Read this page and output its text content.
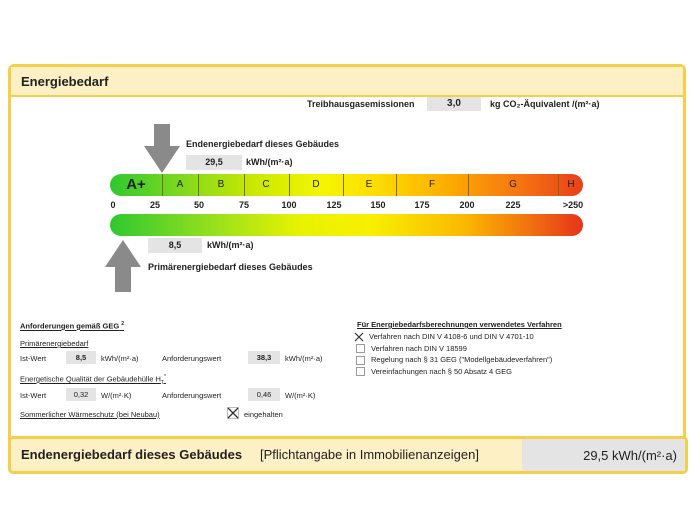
Energiebedarf
Treibhausgasemissionen	3,0	kg CO₂-Äquivalent /(m²·a)
Endenergiebedarf dieses Gebäudes
29,5	kWh/(m²·a)
A+	A	B	C	D	E	F	G	H
0	25	50	75	100	125	150	175	200	225	>250
8,5	kWh/(m²·a)
Primärenergiebedarf dieses Gebäudes
Anforderungen gemäß GEG $^2$
Primärenergiebedarf
Ist-Wert	8,5	kWh/(m²·a)	Anforderungswert	38,3	kWh/(m²·a)
Energetische Qualität der Gebäudehülle $H_T^*$
Ist-Wert	0,32	W/(m²·K)	Anforderungswert	0,46	W/(m²·K)
Sommerlicher Wärmeschutz (bei Neubau)	eingehalten
Für Energiebedarfsberechnungen verwendetes Verfahren
Verfahren nach DIN V 4108-6 und DIN V 4701-10
Verfahren nach DIN V 18599
Regelung nach § 31 GEG ("Modellgebäudeverfahren")
Vereinfachungen nach § 50 Absatz 4 GEG
Endenergiebedarf dieses Gebäudes [Pflichtangabe in Immobilienanzeigen]	29,5 kWh/(m²·a)
